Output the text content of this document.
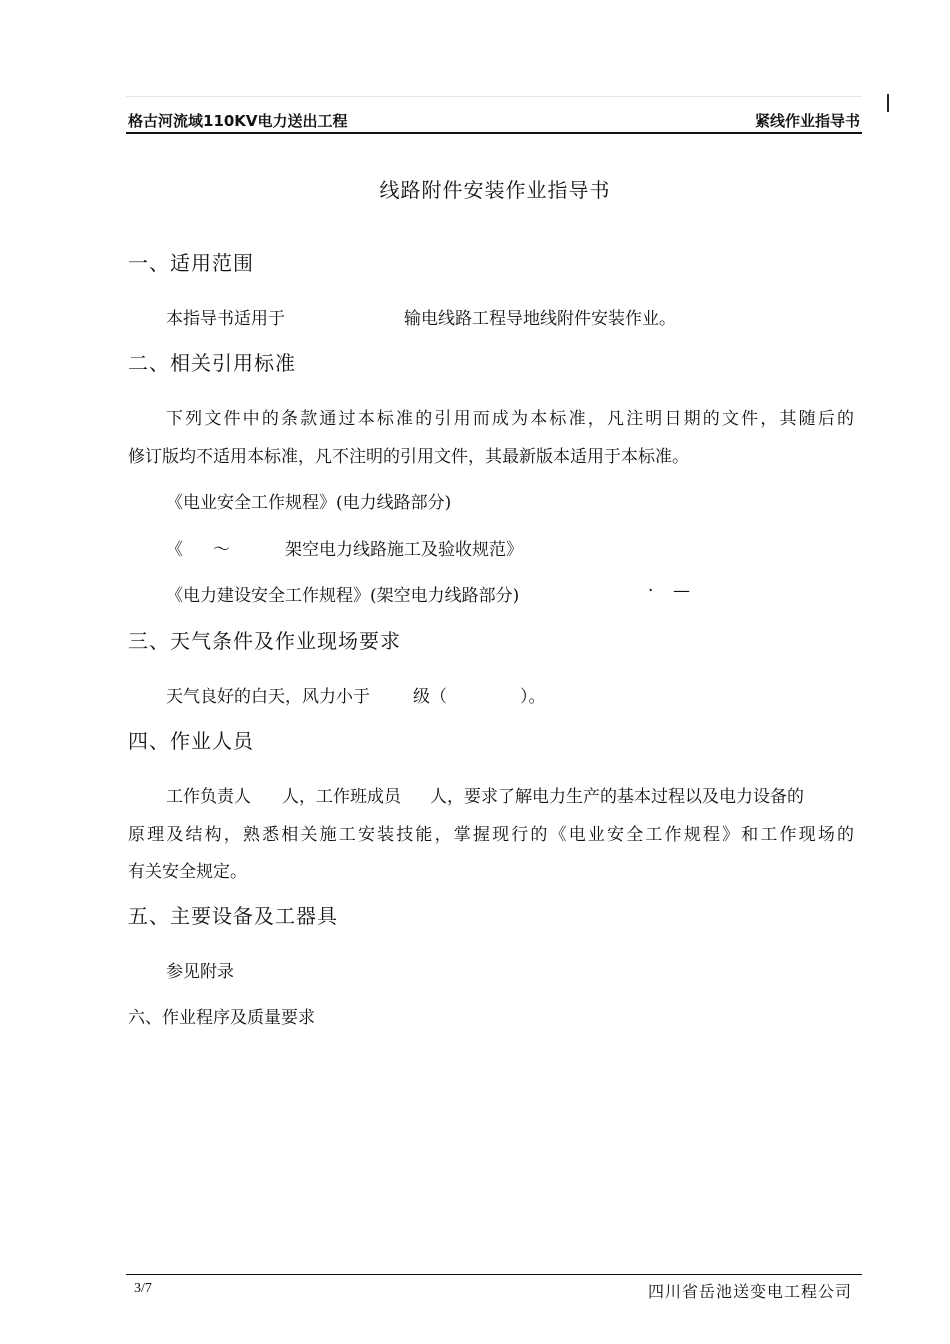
格古河流域110KV电力送出工程	紧线作业指导书
线路附件安装作业指导书
一、适用范围
本指导书适用于	输电线路工程导地线附件安装作业。
二、相关引用标准
下列文件中的条款通过本标准的引用而成为本标准，凡注明日期的文件，其随后的
修订版均不适用本标准，凡不注明的引用文件，其最新版本适用于本标准。
《电业安全工作规程》(电力线路部分)
《 ～	架空电力线路施工及验收规范》
《电力建设安全工作规程》(架空电力线路部分)	· —
三、天气条件及作业现场要求
天气良好的白天，风力小于	级（	）。
四、作业人员
工作负责人 人，工作班成员 人，要求了解电力生产的基本过程以及电力设备的
原理及结构，熟悉相关施工安装技能，掌握现行的《电业安全工作规程》和工作现场的
有关安全规定。
五、主要设备及工器具
参见附录
六、作业程序及质量要求
3/7	四川省岳池送变电工程公司
